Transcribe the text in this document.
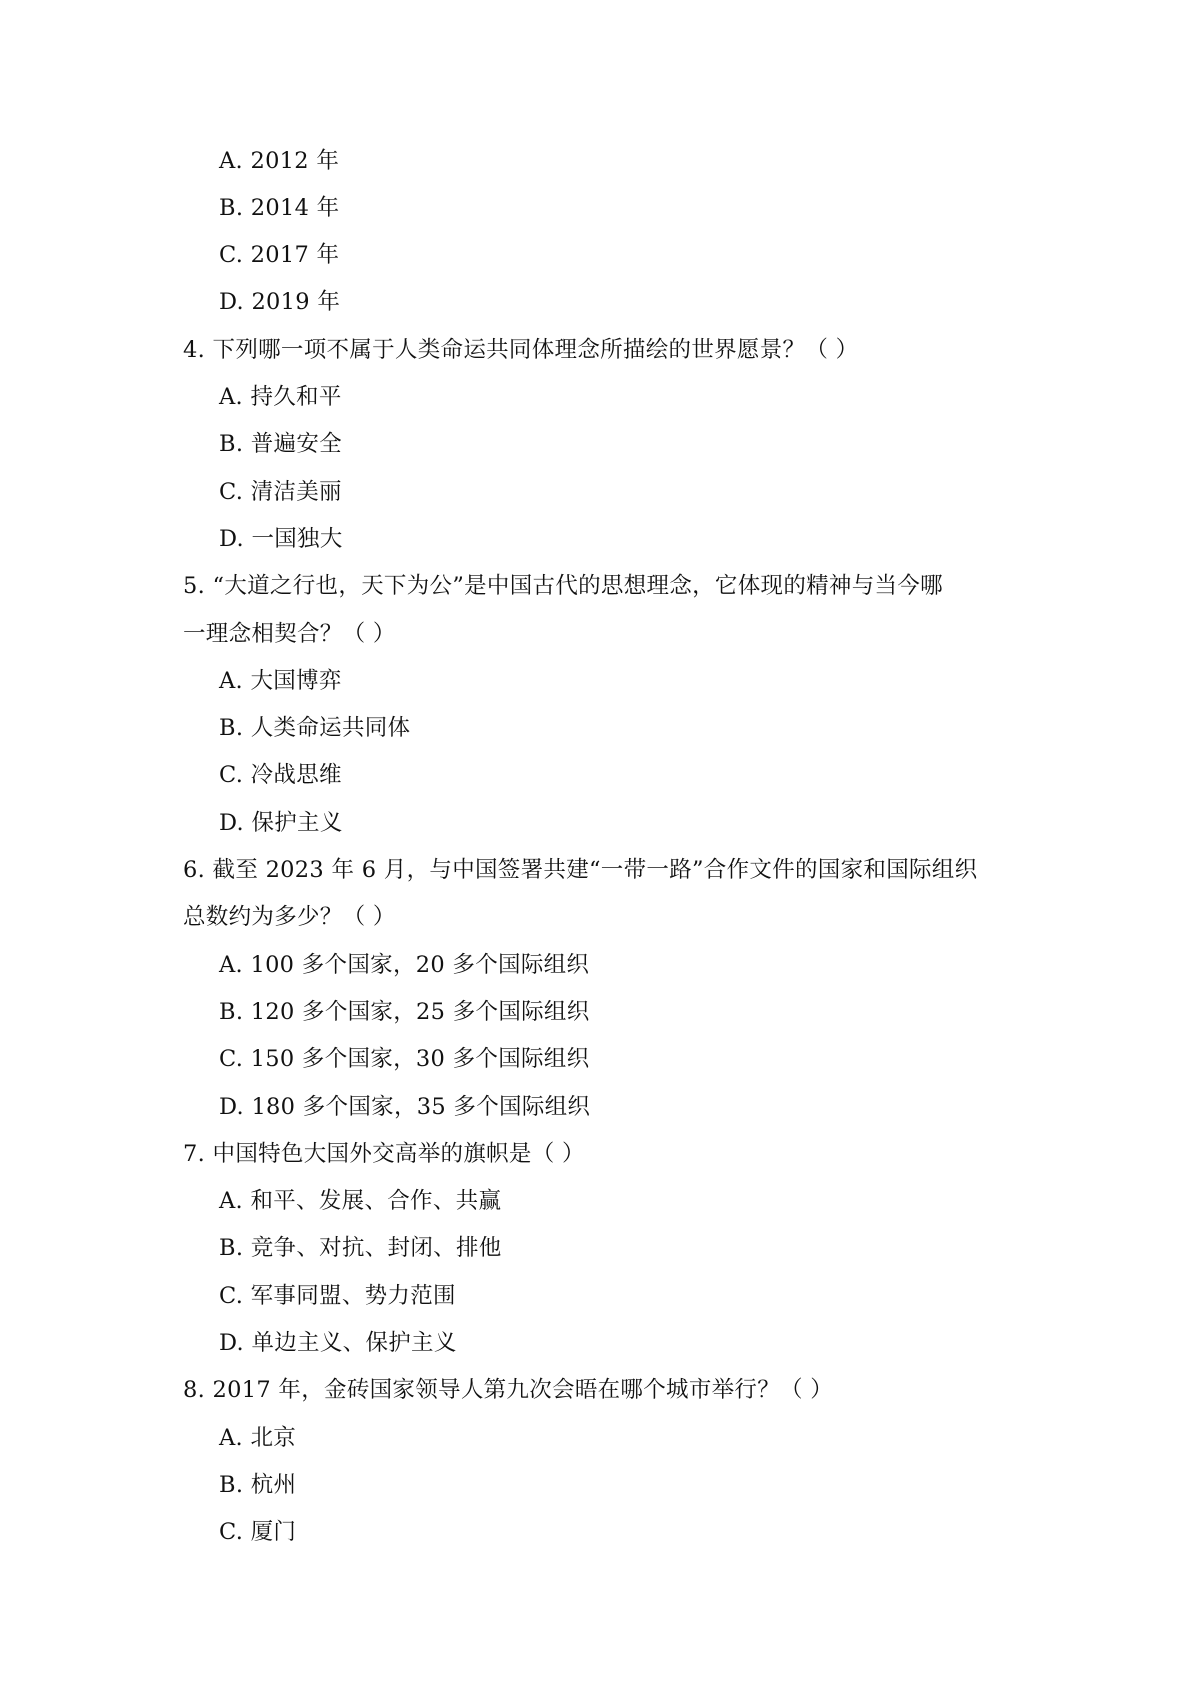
A. 2012 年
B. 2014 年
C. 2017 年
D. 2019 年
4. 下列哪一项不属于人类命运共同体理念所描绘的世界愿景？（ ）
A. 持久和平
B. 普遍安全
C. 清洁美丽
D. 一国独大
5. “大道之行也，天下为公”是中国古代的思想理念，它体现的精神与当今哪
一理念相契合？（ ）
A. 大国博弈
B. 人类命运共同体
C. 冷战思维
D. 保护主义
6. 截至 2023 年 6 月，与中国签署共建“一带一路”合作文件的国家和国际组织
总数约为多少？（ ）
A. 100 多个国家，20 多个国际组织
B. 120 多个国家，25 多个国际组织
C. 150 多个国家，30 多个国际组织
D. 180 多个国家，35 多个国际组织
7. 中国特色大国外交高举的旗帜是（ ）
A. 和平、发展、合作、共赢
B. 竞争、对抗、封闭、排他
C. 军事同盟、势力范围
D. 单边主义、保护主义
8. 2017 年，金砖国家领导人第九次会晤在哪个城市举行？（ ）
A. 北京
B. 杭州
C. 厦门
